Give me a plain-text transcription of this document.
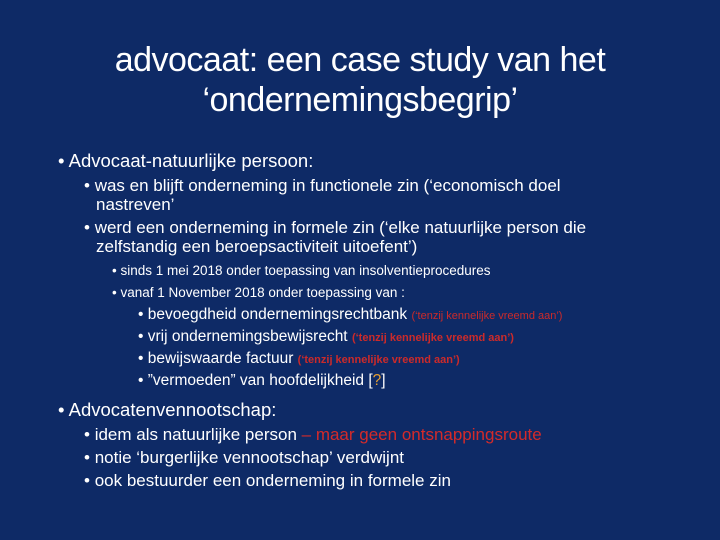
advocaat: een case study van het
‘ondernemingsbegrip’
• Advocaat-natuurlijke persoon:
• was en blijft onderneming in functionele zin (‘economisch doel
nastreven’
• werd een onderneming in formele zin (‘elke natuurlijke person die
zelfstandig een beroepsactiviteit uitoefent’)
• sinds 1 mei 2018 onder toepassing van insolventieprocedures
• vanaf 1 November 2018 onder toepassing van :
• bevoegdheid ondernemingsrechtbank (‘tenzij kennelijke vreemd aan’)
• vrij ondernemingsbewijsrecht (‘tenzij kennelijke vreemd aan’)
• bewijswaarde factuur (‘tenzij kennelijke vreemd aan’)
• ”vermoeden” van hoofdelijkheid [?]
• Advocatenvennootschap:
• idem als natuurlijke person – maar geen ontsnappingsroute
• notie ‘burgerlijke vennootschap’ verdwijnt
• ook bestuurder een onderneming in formele zin
